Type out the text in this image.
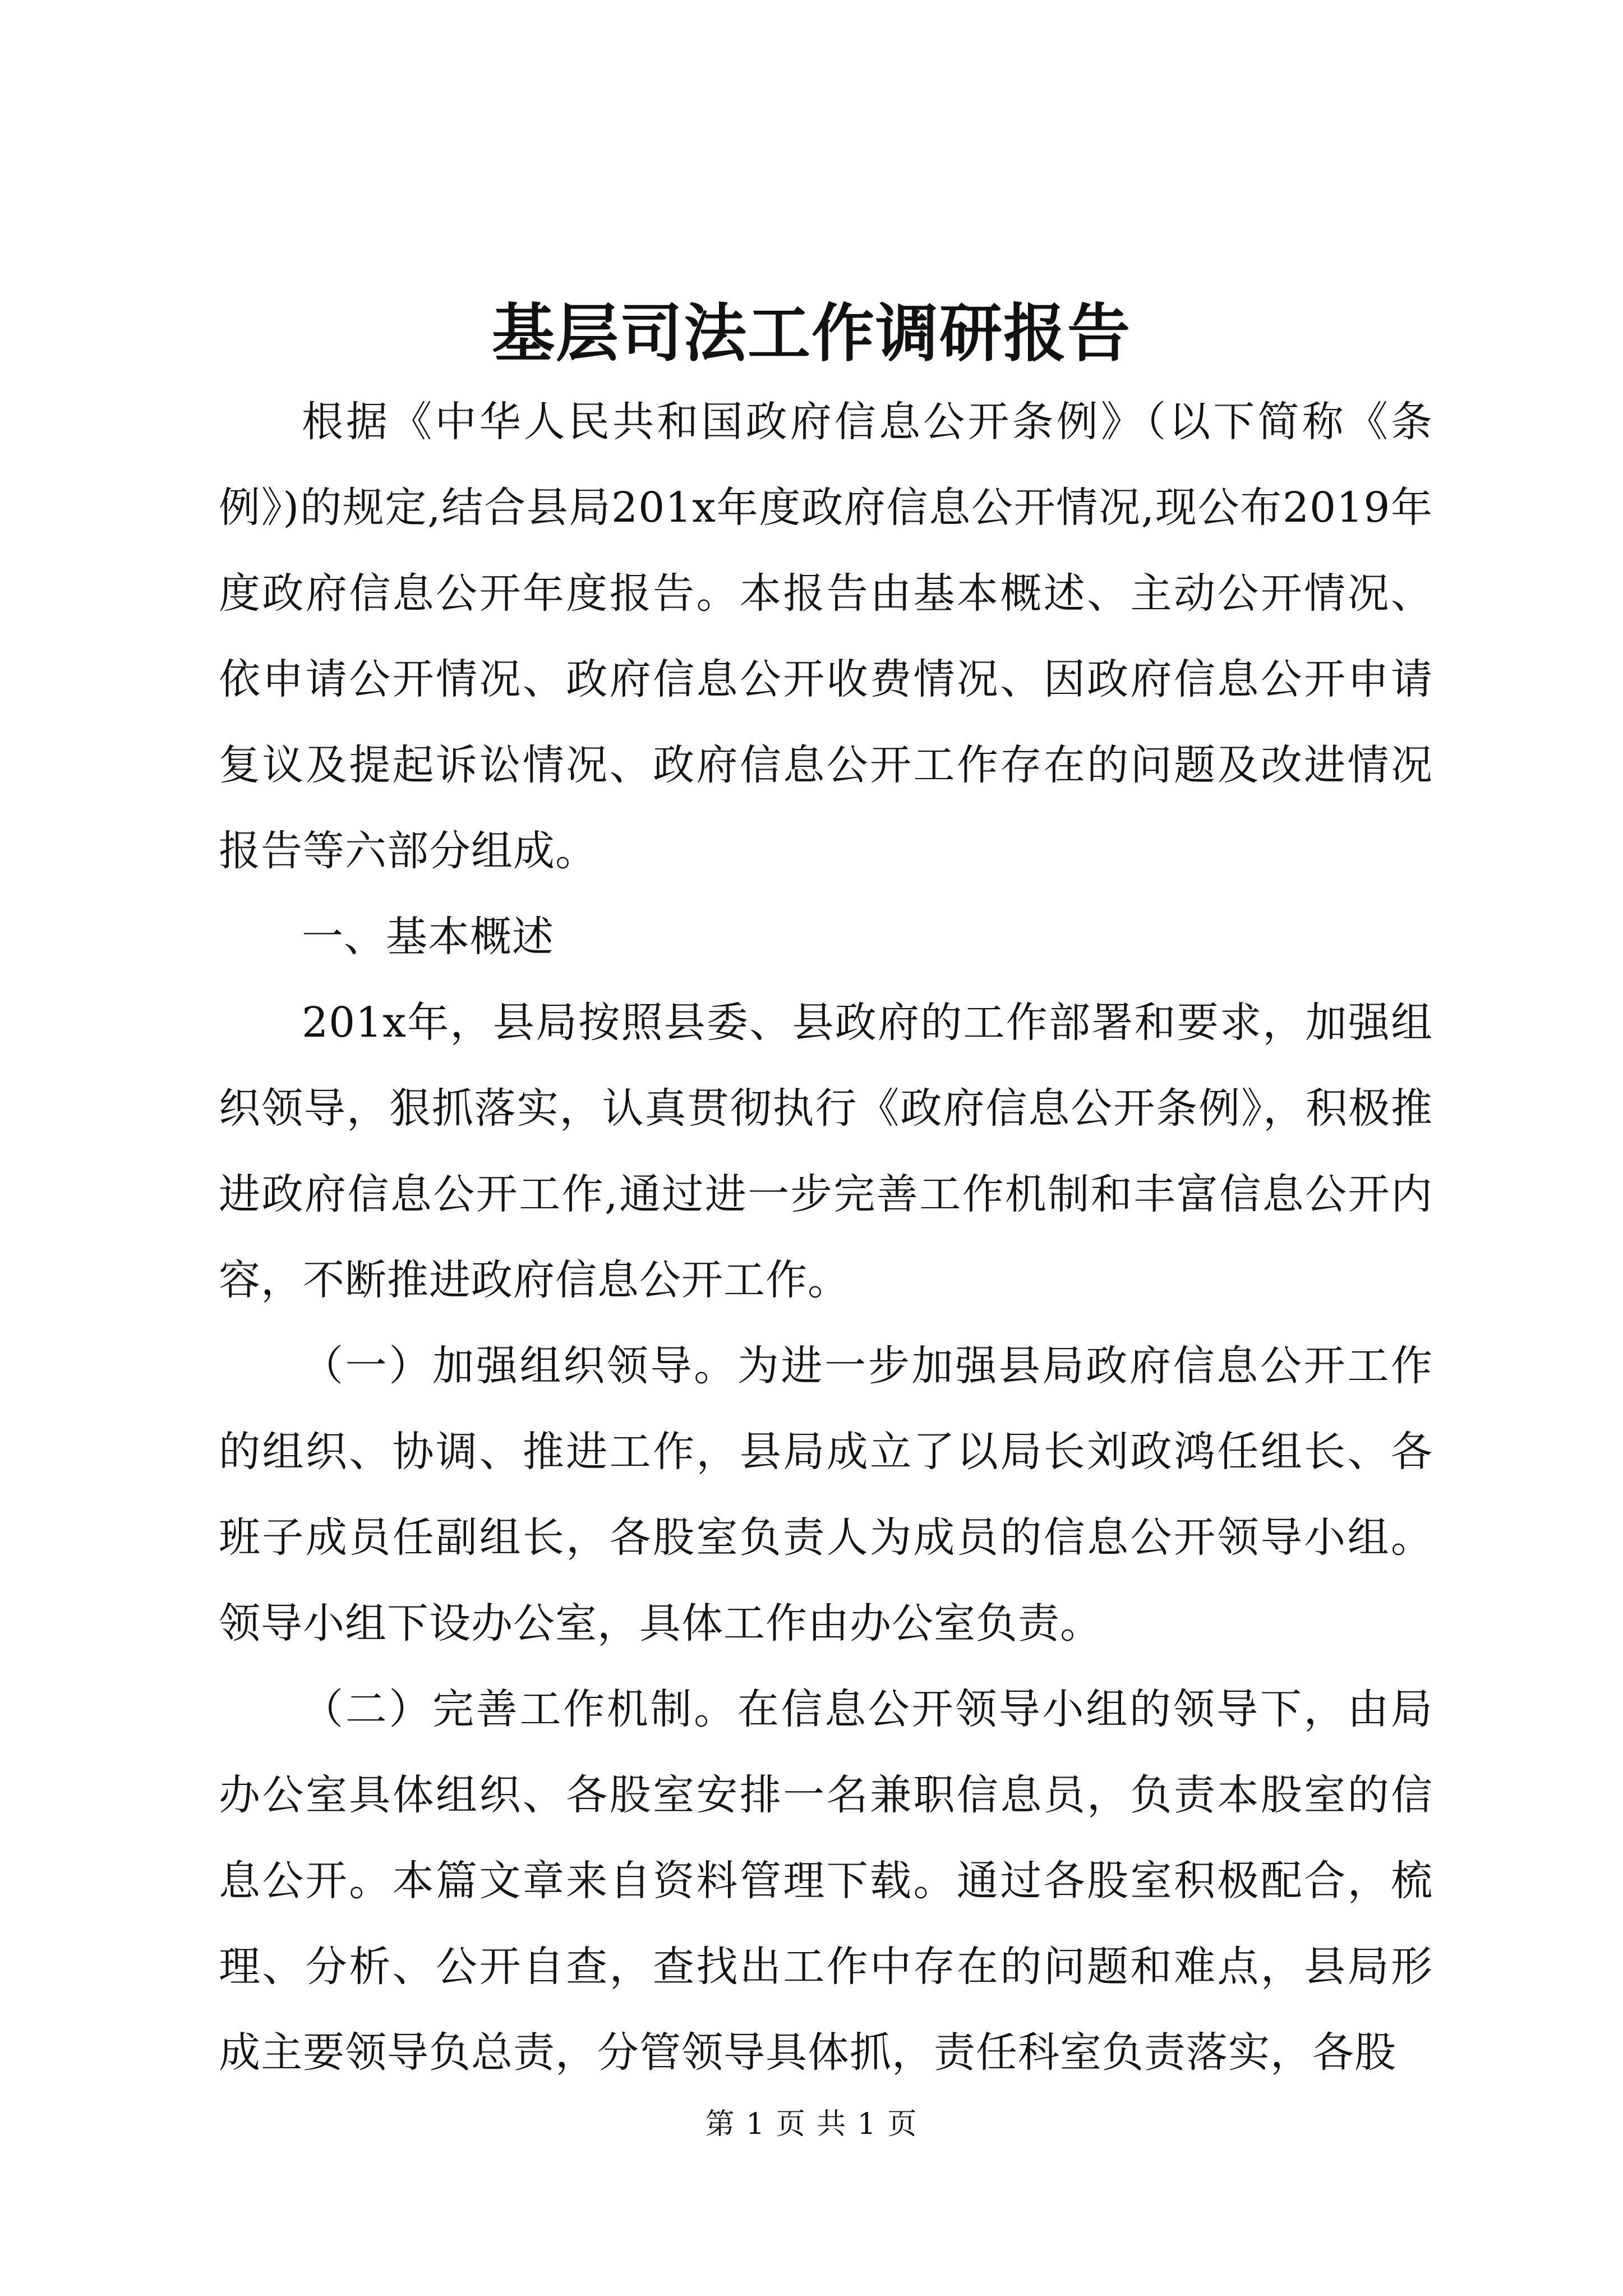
基层司法工作调研报告

根据《中华人民共和国政府信息公开条例》（以下简称《条例》)的规定,结合县局201x年度政府信息公开情况,现公布2019年度政府信息公开年度报告。本报告由基本概述、主动公开情况、依申请公开情况、政府信息公开收费情况、因政府信息公开申请复议及提起诉讼情况、政府信息公开工作存在的问题及改进情况报告等六部分组成。

一、基本概述

201x年，县局按照县委、县政府的工作部署和要求，加强组织领导，狠抓落实，认真贯彻执行《政府信息公开条例》，积极推进政府信息公开工作,通过进一步完善工作机制和丰富信息公开内容，不断推进政府信息公开工作。

（一）加强组织领导。为进一步加强县局政府信息公开工作的组织、协调、推进工作，县局成立了以局长刘政鸿任组长、各班子成员任副组长，各股室负责人为成员的信息公开领导小组。领导小组下设办公室，具体工作由办公室负责。

（二）完善工作机制。在信息公开领导小组的领导下，由局办公室具体组织、各股室安排一名兼职信息员，负责本股室的信息公开。本篇文章来自资料管理下载。通过各股室积极配合，梳理、分析、公开自查，查找出工作中存在的问题和难点，县局形成主要领导负总责，分管领导具体抓，责任科室负责落实，各股

第 1 页 共 1 页
